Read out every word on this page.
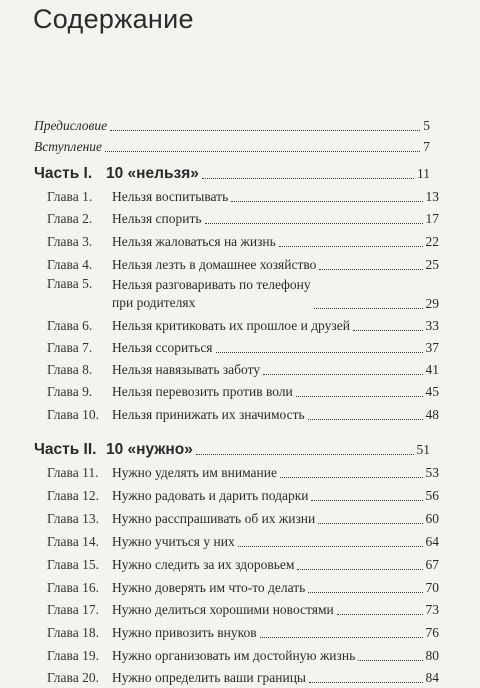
Содержание
Предисловие	5
Вступление	7
Часть I. 10 «нельзя»	11
Глава 1.	Нельзя воспитывать	13
Глава 2.	Нельзя спорить	17
Глава 3.	Нельзя жаловаться на жизнь	22
Глава 4.	Нельзя лезть в домашнее хозяйство	25
Глава 5.	Нельзя разговаривать по телефону
при родителях	29
Глава 6.	Нельзя критиковать их прошлое и друзей	33
Глава 7.	Нельзя ссориться	37
Глава 8.	Нельзя навязывать заботу	41
Глава 9.	Нельзя перевозить против воли	45
Глава 10. Нельзя принижать их значимость	48
Часть II. 10 «нужно»	51
Глава 11.	Нужно уделять им внимание	53
Глава 12. Нужно радовать и дарить подарки	56
Глава 13. Нужно расспрашивать об их жизни	60
Глава 14. Нужно учиться у них	64
Глава 15. Нужно следить за их здоровьем	67
Глава 16. Нужно доверять им что-то делать	70
Глава 17. Нужно делиться хорошими новостями	73
Глава 18. Нужно привозить внуков	76
Глава 19. Нужно организовать им достойную жизнь	80
Глава 20. Нужно определить ваши границы	84
